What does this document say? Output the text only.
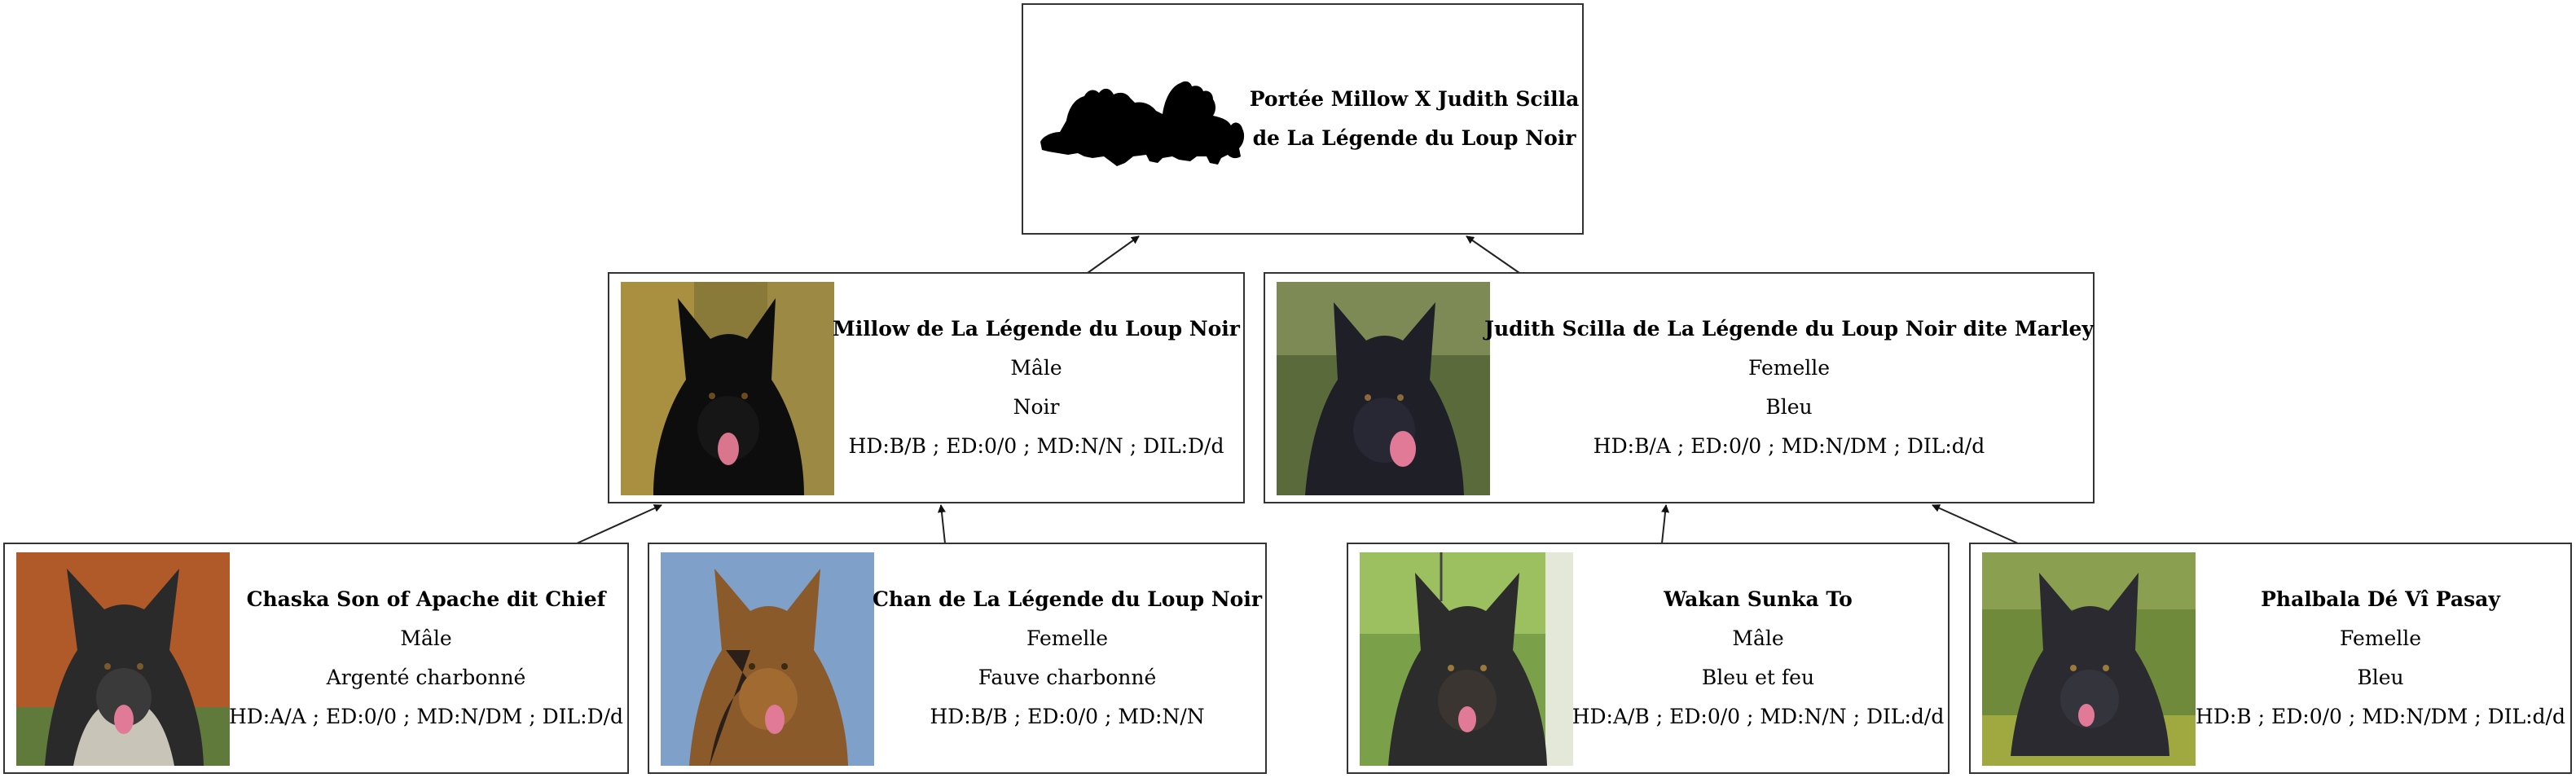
Portée Millow X Judith Scilla
de La Légende du Loup Noir
Millow de La Légende du Loup Noir
Mâle
Noir
HD:B/B ; ED:0/0 ; MD:N/N ; DIL:D/d
Judith Scilla de La Légende du Loup Noir dite Marley
Femelle
Bleu
HD:B/A ; ED:0/0 ; MD:N/DM ; DIL:d/d
Chaska Son of Apache dit Chief
Mâle
Argenté charbonné
HD:A/A ; ED:0/0 ; MD:N/DM ; DIL:D/d
Chan de La Légende du Loup Noir
Femelle
Fauve charbonné
HD:B/B ; ED:0/0 ; MD:N/N
Wakan Sunka To
Mâle
Bleu et feu
HD:A/B ; ED:0/0 ; MD:N/N ; DIL:d/d
Phalbala Dé Vî Pasay
Femelle
Bleu
HD:B ; ED:0/0 ; MD:N/DM ; DIL:d/d
